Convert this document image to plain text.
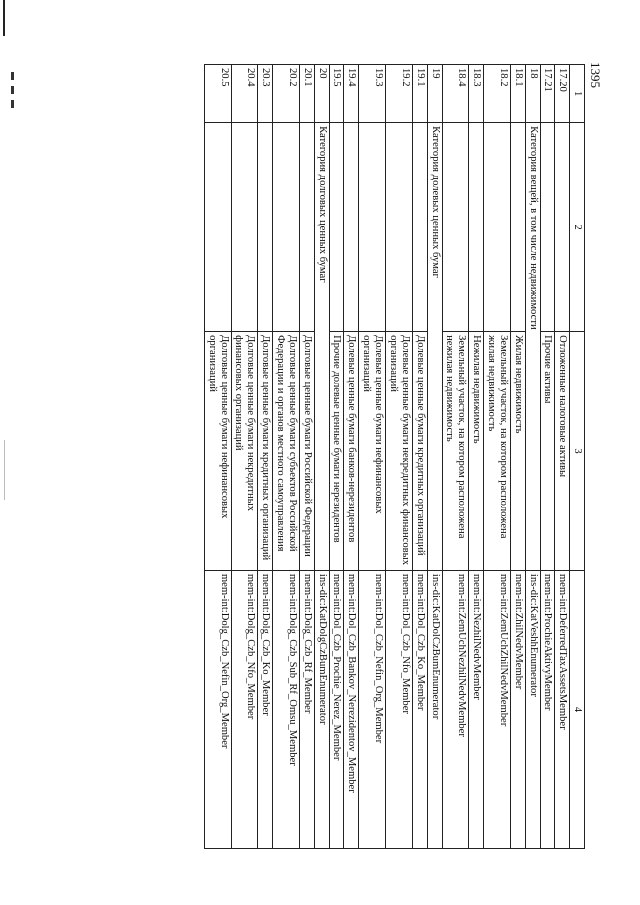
1395
1	2	3	4
17.20		Отложенные налоговые активы	mem-int:DeferredTaxAssetsMember
17.21		Прочие активы	mem-int:ProchieAktivyMember
18	Категория вещей, в том числе недвижимости		ins-dic:KatVeshhEnumerator
18.1		Жилая недвижимость	mem-int:ZhilNedvMember
18.2		Земельный участок, на котором расположена жилая недвижимость	mem-int:ZemUchZhilNedvMember
18.3		Нежилая недвижимость	mem-int:NezhilNedvMember
18.4		Земельный участок, на котором расположена нежилая недвижимость	mem-int:ZemUchNezhilNedvMember
19	Категория долевых ценных бумаг		ins-dic:KatDolCzBumEnumerator
19.1		Долевые ценные бумаги кредитных организаций	mem-int:Dol_Czb_Ko_Member
19.2		Долевые ценные бумаги некредитных финансовых организаций	mem-int:Dol_Czb_Nfo_Member
19.3		Долевые ценные бумаги нефинансовых организаций	mem-int:Dol_Czb_Nefin_Org_Member
19.4		Долевые ценные бумаги банков-нерезидентов	mem-int:Dol_Czb_Bankov_Nerezidentov_Member
19.5		Прочие долевые ценные бумаги нерезидентов	mem-int:Dol_Czb_Prochie_Nerez_Member
20	Категория долговых ценных бумаг		ins-dic:KatDolgCzBumEnumerator
20.1		Долговые ценные бумаги Российской Федерации	mem-int:Dolg_Czb_Rf_Member
20.2		Долговые ценные бумаги субъектов Российской Федерации и органов местного самоуправления	mem-int:Dolg_Czb_Sub_Rf_Omsu_Member
20.3		Долговые ценные бумаги кредитных организаций	mem-int:Dolg_Czb_Ko_Member
20.4		Долговые ценные бумаги некредитных финансовых организаций	mem-int:Dolg_Czb_Nfo_Member
20.5		Долговые ценные бумаги нефинансовых организаций	mem-int:Dolg_Czb_Nefin_Org_Member
